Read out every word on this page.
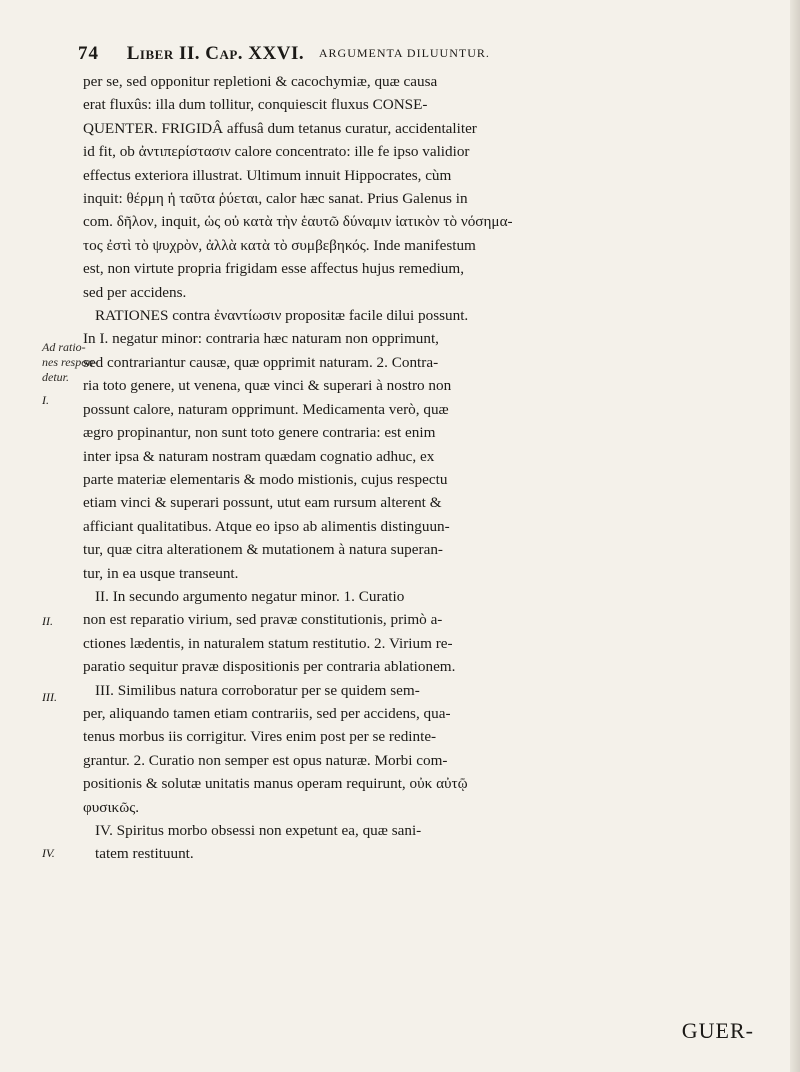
74 Liber II. Cap. XXVI. ARGUMENTA DILUUNTUR.
Ad ratio-
nes respon-
detur.
I.
II.
III.
IV.
per se, sed opponitur repletioni & cacochymiæ, quæ causa
erat fluxûs: illa dum tollitur, conquiescit fluxus CONSE-
QUENTER. FRIGIDÂ affusâ dum tetanus curatur, accidentaliter
id fit, ob ἀντιπερίστασιν calore concentrato: ille fe ipso validior
effectus exteriora illustrat. Ultimum innuit Hippocrates, cùm
inquit: θέρμη ἡ ταῦτα ῥύεται, calor hæc sanat. Prius Galenus in
com. δῆλον, inquit, ὡς οὐ κατὰ τὴν ἑαυτῶ δύναμιν ἰατικὸν τὸ νόσημα-
τος ἐστὶ τὸ ψυχρὸν, ἀλλὰ κατὰ τὸ συμβεβηκός. Inde manifestum
est, non virtute propria frigidam esse affectus hujus remedium,
sed per accidens.
RATIONES contra ἐναντίωσιν propositæ facile dilui possunt.
In I. negatur minor: contraria hæc naturam non opprimunt,
sed contrariantur causæ, quæ opprimit naturam. 2. Contra-
ria toto genere, ut venena, quæ vinci & superari à nostro non
possunt calore, naturam opprimunt. Medicamenta verò, quæ
ægro propinantur, non sunt toto genere contraria: est enim
inter ipsa & naturam nostram quædam cognatio adhuc, ex
parte materiæ elementaris & modo mistionis, cujus respectu
etiam vinci & superari possunt, utut eam rursum alterent &
afficiant qualitatibus. Atque eo ipso ab alimentis distinguun-
tur, quæ citra alterationem & mutationem à natura superan-
tur, in ea usque transeunt.
II. In secundo argumento negatur minor. 1. Curatio
non est reparatio virium, sed pravæ constitutionis, primò a-
ctiones lædentis, in naturalem statum restitutio. 2. Virium re-
paratio sequitur pravæ dispositionis per contraria ablationem.
III. Similibus natura corroboratur per se quidem sem-
per, aliquando tamen etiam contrariis, sed per accidens, qua-
tenus morbus iis corrigitur. Vires enim post per se redinte-
grantur. 2. Curatio non semper est opus naturæ. Morbi com-
positionis & solutæ unitatis manus operam requirunt, οὐκ αὐτῷ
φυσικῶς.
IV. Spiritus morbo obsessi non expetunt ea, quæ sani-
tatem restituunt.
GUER-
